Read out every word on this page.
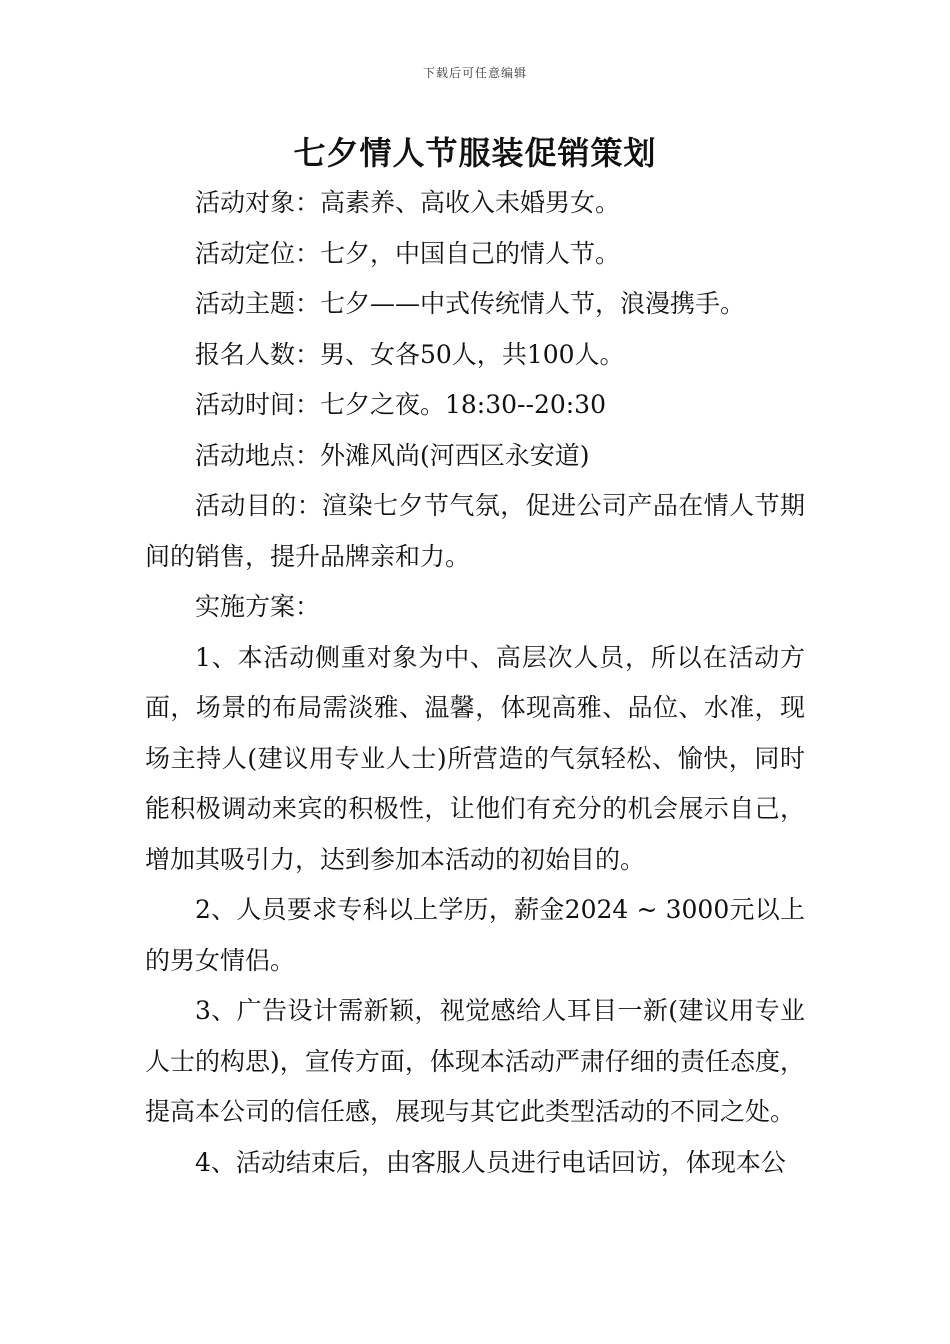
下载后可任意编辑
七夕情人节服装促销策划

活动对象：高素养、高收入未婚男女。

活动定位：七夕，中国自己的情人节。

活动主题：七夕——中式传统情人节，浪漫携手。

报名人数：男、女各50人，共100人。

活动时间：七夕之夜。18:30--20:30

活动地点：外滩风尚(河西区永安道)

活动目的：渲染七夕节气氛，促进公司产品在情人节期间的销售，提升品牌亲和力。

实施方案：

1、本活动侧重对象为中、高层次人员，所以在活动方面，场景的布局需淡雅、温馨，体现高雅、品位、水准，现场主持人(建议用专业人士)所营造的气氛轻松、愉快，同时能积极调动来宾的积极性，让他们有充分的机会展示自己，增加其吸引力，达到参加本活动的初始目的。

2、人员要求专科以上学历，薪金2024 ~ 3000元以上的男女情侣。

3、广告设计需新颖，视觉感给人耳目一新(建议用专业人士的构思)，宣传方面，体现本活动严肃仔细的责任态度，提高本公司的信任感，展现与其它此类型活动的不同之处。

4、活动结束后，由客服人员进行电话回访，体现本公
